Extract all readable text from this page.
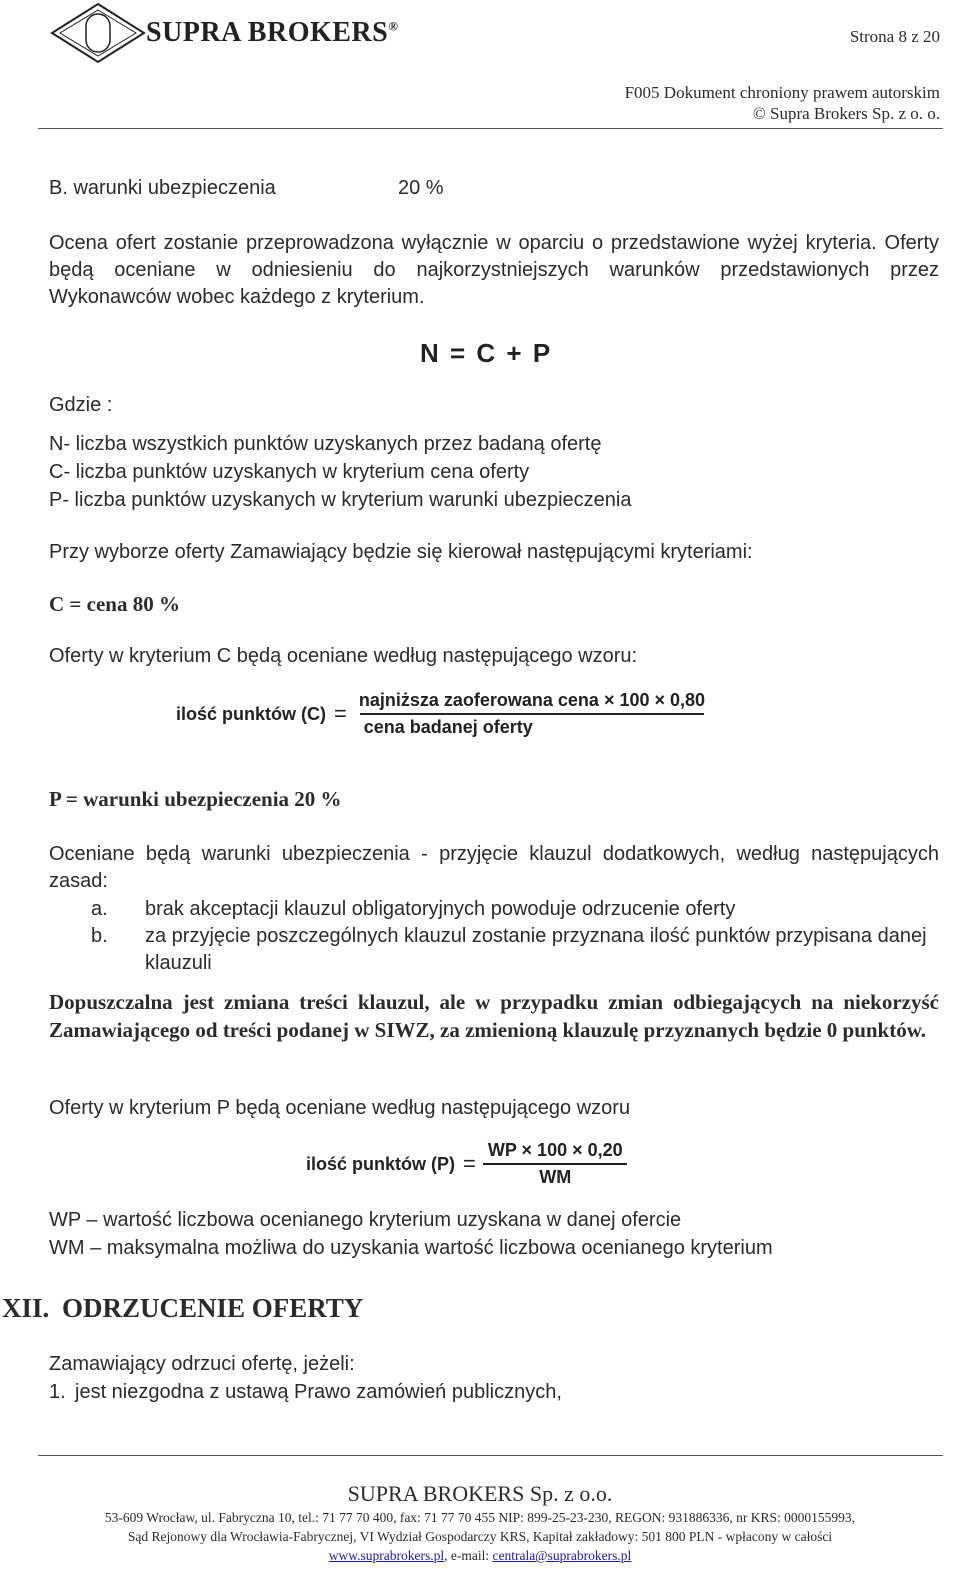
SUPRA BROKERS®
Strona 8 z 20
F005 Dokument chroniony prawem autorskim
© Supra Brokers Sp. z o. o.
B. warunki ubezpieczenia	20 %
Ocena ofert zostanie przeprowadzona wyłącznie w oparciu o przedstawione wyżej kryteria. Oferty będą oceniane w odniesieniu do najkorzystniejszych warunków przedstawionych przez Wykonawców wobec każdego z kryterium.
N = C + P
Gdzie :
N- liczba wszystkich punktów uzyskanych przez badaną ofertę
C- liczba punktów uzyskanych w kryterium cena oferty
P- liczba punktów uzyskanych w kryterium warunki ubezpieczenia
Przy wyborze oferty Zamawiający będzie się kierował następującymi kryteriami:
C = cena 80 %
Oferty w kryterium C będą oceniane według następującego wzoru:
ilość punktów $(C) = \frac{\text{najniższa zaoferowana cena × 100 × 0,80}}{\text{cena badanej oferty}}$
P = warunki ubezpieczenia 20 %
Oceniane będą warunki ubezpieczenia - przyjęcie klauzul dodatkowych, według następujących zasad:
a.	brak akceptacji klauzul obligatoryjnych powoduje odrzucenie oferty
b.	za przyjęcie poszczególnych klauzul zostanie przyznana ilość punktów przypisana danej klauzuli
Dopuszczalna jest zmiana treści klauzul, ale w przypadku zmian odbiegających na niekorzyść Zamawiającego od treści podanej w SIWZ, za zmienioną klauzulę przyznanych będzie 0 punktów.
Oferty w kryterium P będą oceniane według następującego wzoru
ilość punktów $(P) = \frac{WP \times 100 \times 0,20}{WM}$
WP – wartość liczbowa ocenianego kryterium uzyskana w danej ofercie
WM – maksymalna możliwa do uzyskania wartość liczbowa ocenianego kryterium
XII. ODRZUCENIE OFERTY
Zamawiający odrzuci ofertę, jeżeli:
1. jest niezgodna z ustawą Prawo zamówień publicznych,
SUPRA BROKERS Sp. z o.o.
53-609 Wrocław, ul. Fabryczna 10, tel.: 71 77 70 400, fax: 71 77 70 455 NIP: 899-25-23-230, REGON: 931886336, nr KRS: 0000155993,
Sąd Rejonowy dla Wrocławia-Fabrycznej, VI Wydział Gospodarczy KRS, Kapitał zakładowy: 501 800 PLN - wpłacony w całości
www.suprabrokers.pl, e-mail: centrala@suprabrokers.pl
